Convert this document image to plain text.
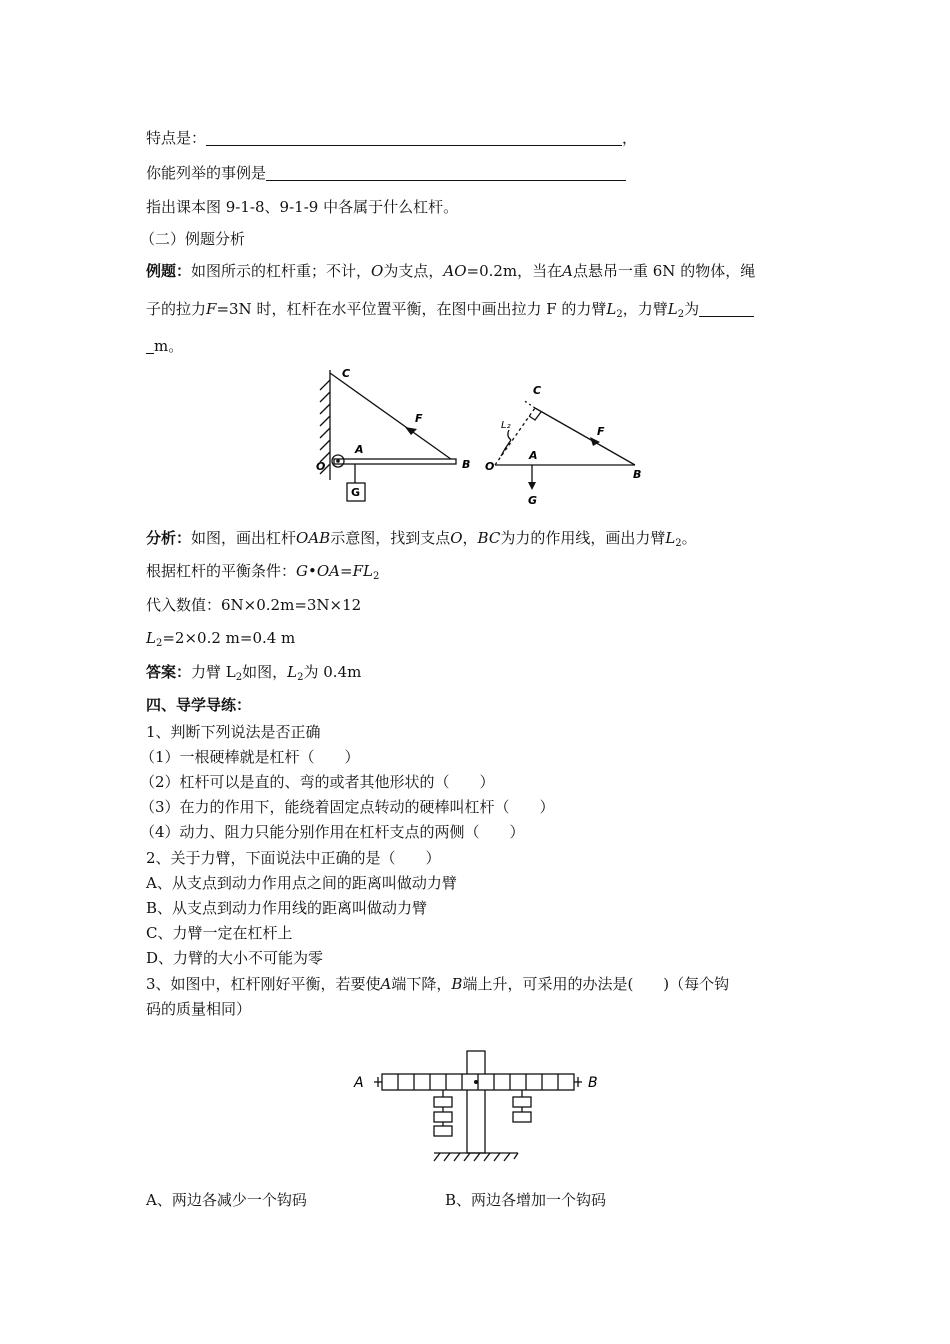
特点是：	，
你能列举的事例是
指出课本图 9-1-8、9-1-9 中各属于什么杠杆。
（二）例题分析
例题：如图所示的杠杆重；不计，O为支点，AO=0.2m，当在A点悬吊一重 6N 的物体，绳
子的拉力F=3N 时，杠杆在水平位置平衡，在图中画出拉力 F 的力臂$L_2$，力臂$L_2$为
m。
C
F
A
O	B
G
C
L₂	F
O
A
B
G
分析：如图，画出杠杆OAB示意图，找到支点O，BC为力的作用线，画出力臂$L_2$。
根据杠杆的平衡条件：$G•OA=FL_2$
代入数值：6N×0.2m=3N×12
$L_2=2\times 0.2$ m=0.4 m
答案：力臂 $L_2$如图，$L_2$为 0.4m
四、导学导练：
1、判断下列说法是否正确
（1）一根硬棒就是杠杆（　　）
（2）杠杆可以是直的、弯的或者其他形状的（　　）
（3）在力的作用下，能绕着固定点转动的硬棒叫杠杆（　　）
（4）动力、阻力只能分别作用在杠杆支点的两侧（　　）
2、关于力臂，下面说法中正确的是（　　）
A、从支点到动力作用点之间的距离叫做动力臂
B、从支点到动力作用线的距离叫做动力臂
C、力臂一定在杠杆上
D、力臂的大小不可能为零
3、如图中，杠杆刚好平衡，若要使A端下降，B端上升，可采用的办法是(　　)（每个钩
码的质量相同）
A	B
A、两边各减少一个钩码	B、两边各增加一个钩码
